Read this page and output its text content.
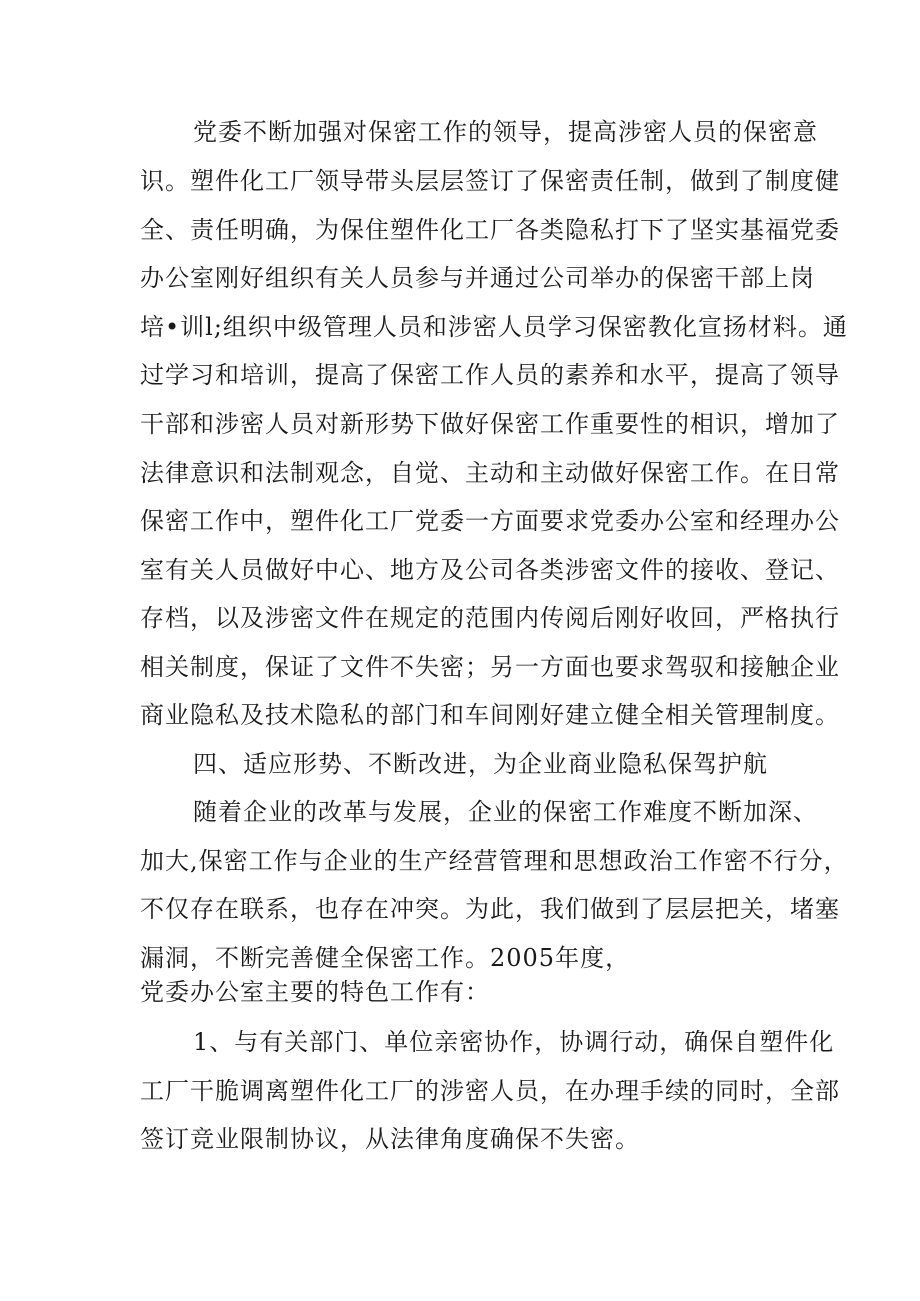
党委不断加强对保密工作的领导，提高涉密人员的保密意
识。塑件化工厂领导带头层层签订了保密责任制，做到了制度健
全、责任明确，为保住塑件化工厂各类隐私打下了坚实基福党委
办公室刚好组织有关人员参与并通过公司举办的保密干部上岗
培•训l;组织中级管理人员和涉密人员学习保密教化宣扬材料。通
过学习和培训，提高了保密工作人员的素养和水平，提高了领导
干部和涉密人员对新形势下做好保密工作重要性的相识，增加了
法律意识和法制观念，自觉、主动和主动做好保密工作。在日常
保密工作中，塑件化工厂党委一方面要求党委办公室和经理办公
室有关人员做好中心、地方及公司各类涉密文件的接收、登记、
存档，以及涉密文件在规定的范围内传阅后刚好收回，严格执行
相关制度，保证了文件不失密；另一方面也要求驾驭和接触企业
商业隐私及技术隐私的部门和车间刚好建立健全相关管理制度。
四、适应形势、不断改进，为企业商业隐私保驾护航
随着企业的改革与发展，企业的保密工作难度不断加深、
加大,保密工作与企业的生产经营管理和思想政治工作密不行分，
不仅存在联系，也存在冲突。为此，我们做到了层层把关，堵塞
漏洞，不断完善健全保密工作。2005年度，
党委办公室主要的特色工作有：
1、与有关部门、单位亲密协作，协调行动，确保自塑件化
工厂干脆调离塑件化工厂的涉密人员，在办理手续的同时，全部
签订竞业限制协议，从法律角度确保不失密。
